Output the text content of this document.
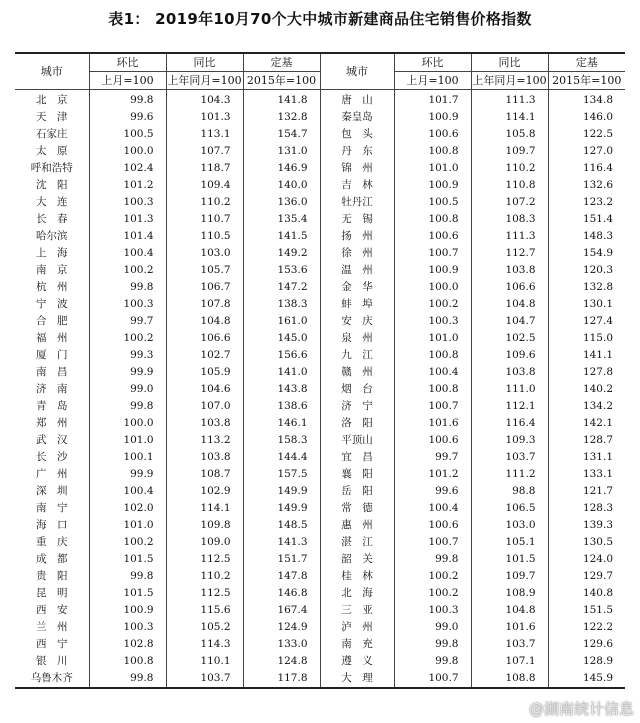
表1： 2019年10月70个大中城市新建商品住宅销售价格指数
城市	环比	同比	定基	城市	环比	同比	定基
	上月=100	上年同月=100	2015年=100		上月=100	上年同月=100	2015年=100
北　京	99.8	104.3	141.8	唐　山	101.7	111.3	134.8
天　津	99.6	101.3	132.8	秦皇岛	100.9	114.1	146.0
石家庄	100.5	113.1	154.7	包　头	100.6	105.8	122.5
太　原	100.0	107.7	131.0	丹　东	100.8	109.7	127.0
呼和浩特	102.4	118.7	146.9	锦　州	101.0	110.2	116.4
沈　阳	101.2	109.4	140.0	吉　林	100.9	110.8	132.6
大　连	100.3	110.2	136.0	牡丹江	100.5	107.2	123.2
长　春	101.3	110.7	135.4	无　锡	100.8	108.3	151.4
哈尔滨	101.4	110.5	141.5	扬　州	100.6	111.3	148.3
上　海	100.4	103.0	149.2	徐　州	100.7	112.7	154.9
南　京	100.2	105.7	153.6	温　州	100.9	103.8	120.3
杭　州	99.8	106.7	147.2	金　华	100.0	106.6	132.8
宁　波	100.3	107.8	138.3	蚌　埠	100.2	104.8	130.1
合　肥	99.7	104.8	161.0	安　庆	100.3	104.7	127.4
福　州	100.2	106.6	145.0	泉　州	101.0	102.5	115.0
厦　门	99.3	102.7	156.6	九　江	100.8	109.6	141.1
南　昌	99.9	105.9	141.0	赣　州	100.4	103.8	127.8
济　南	99.0	104.6	143.8	烟　台	100.8	111.0	140.2
青　岛	99.8	107.0	138.6	济　宁	100.7	112.1	134.2
郑　州	100.0	103.8	146.1	洛　阳	101.6	116.4	142.1
武　汉	101.0	113.2	158.3	平顶山	100.6	109.3	128.7
长　沙	100.1	103.8	144.4	宜　昌	99.7	103.7	131.1
广　州	99.9	108.7	157.5	襄　阳	101.2	111.2	133.1
深　圳	100.4	102.9	149.9	岳　阳	99.6	98.8	121.7
南　宁	102.0	114.1	149.9	常　德	100.4	106.5	128.3
海　口	101.0	109.8	148.5	惠　州	100.6	103.0	139.3
重　庆	100.2	109.0	141.3	湛　江	100.7	105.1	130.5
成　都	101.5	112.5	151.7	韶　关	99.8	101.5	124.0
贵　阳	99.8	110.2	147.8	桂　林	100.2	109.7	129.7
昆　明	101.5	112.5	146.8	北　海	100.2	108.9	140.8
西　安	100.9	115.6	167.4	三　亚	100.3	104.8	151.5
兰　州	100.3	105.2	124.9	泸　州	99.0	101.6	122.2
西　宁	102.8	114.3	133.0	南　充	99.8	103.7	129.6
银　川	100.8	110.1	124.8	遵　义	99.8	107.1	128.9
乌鲁木齐	99.8	103.7	117.8	大　理	100.7	108.8	145.9
@湖南统计信息
